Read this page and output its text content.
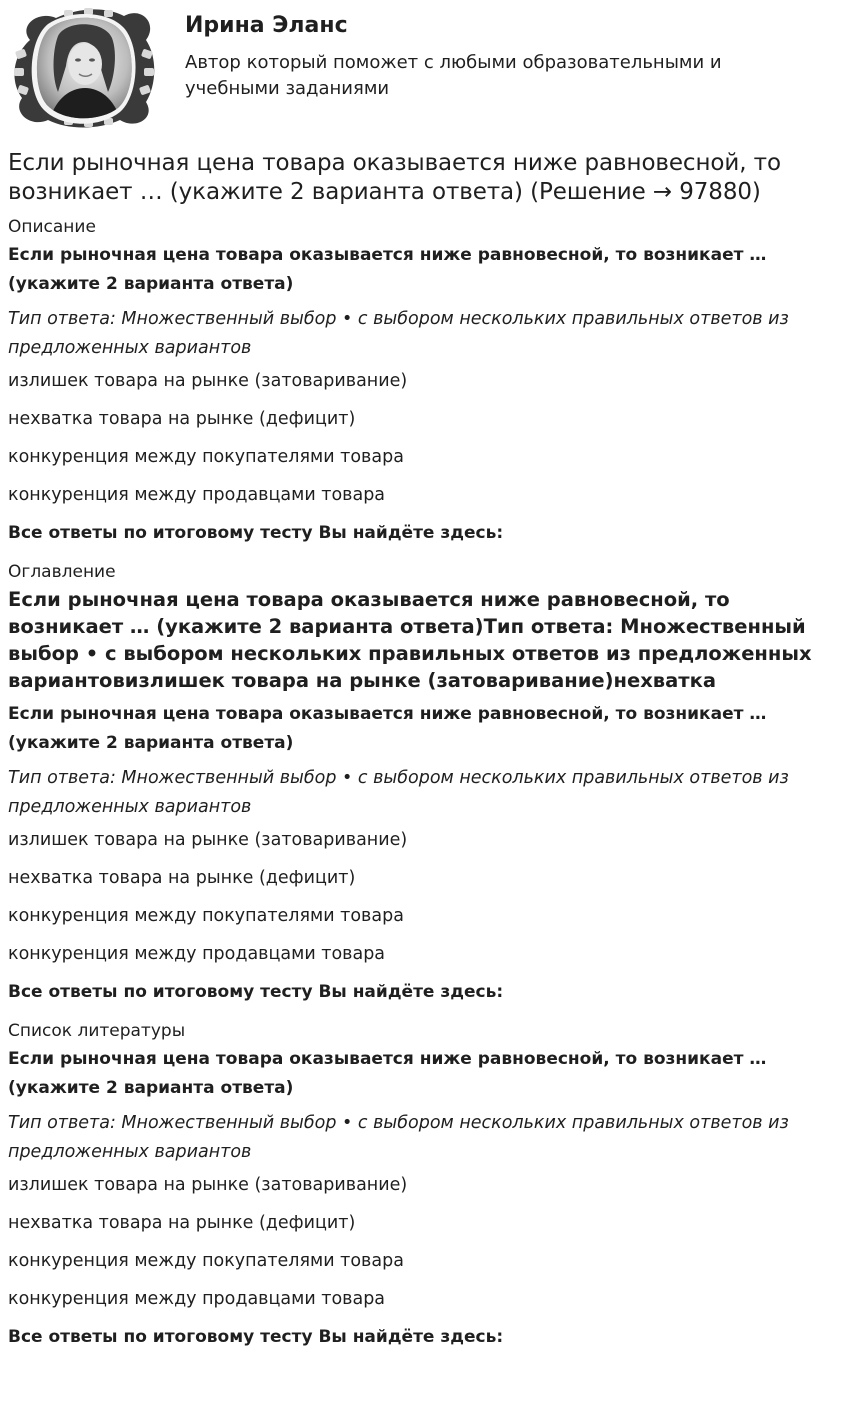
Ирина Эланс

Автор который поможет с любыми образовательными и учебными заданиями

Если рыночная цена товара оказывается ниже равновесной, то возникает … (укажите 2 варианта ответа) (Решение → 97880)

Описание

Если рыночная цена товара оказывается ниже равновесной, то возникает … (укажите 2 варианта ответа)

Тип ответа: Множественный выбор • с выбором нескольких правильных ответов из предложенных вариантов

излишек товара на рынке (затоваривание)

нехватка товара на рынке (дефицит)

конкуренция между покупателями товара

конкуренция между продавцами товара

Все ответы по итоговому тесту Вы найдёте здесь:

Оглавление

Если рыночная цена товара оказывается ниже равновесной, то возникает … (укажите 2 варианта ответа)Тип ответа: Множественный выбор • с выбором нескольких правильных ответов из предложенных вариантовизлишек товара на рынке (затоваривание)нехватка

Если рыночная цена товара оказывается ниже равновесной, то возникает … (укажите 2 варианта ответа)

Тип ответа: Множественный выбор • с выбором нескольких правильных ответов из предложенных вариантов

излишек товара на рынке (затоваривание)

нехватка товара на рынке (дефицит)

конкуренция между покупателями товара

конкуренция между продавцами товара

Все ответы по итоговому тесту Вы найдёте здесь:

Список литературы

Если рыночная цена товара оказывается ниже равновесной, то возникает … (укажите 2 варианта ответа)

Тип ответа: Множественный выбор • с выбором нескольких правильных ответов из предложенных вариантов

излишек товара на рынке (затоваривание)

нехватка товара на рынке (дефицит)

конкуренция между покупателями товара

конкуренция между продавцами товара

Все ответы по итоговому тесту Вы найдёте здесь:
